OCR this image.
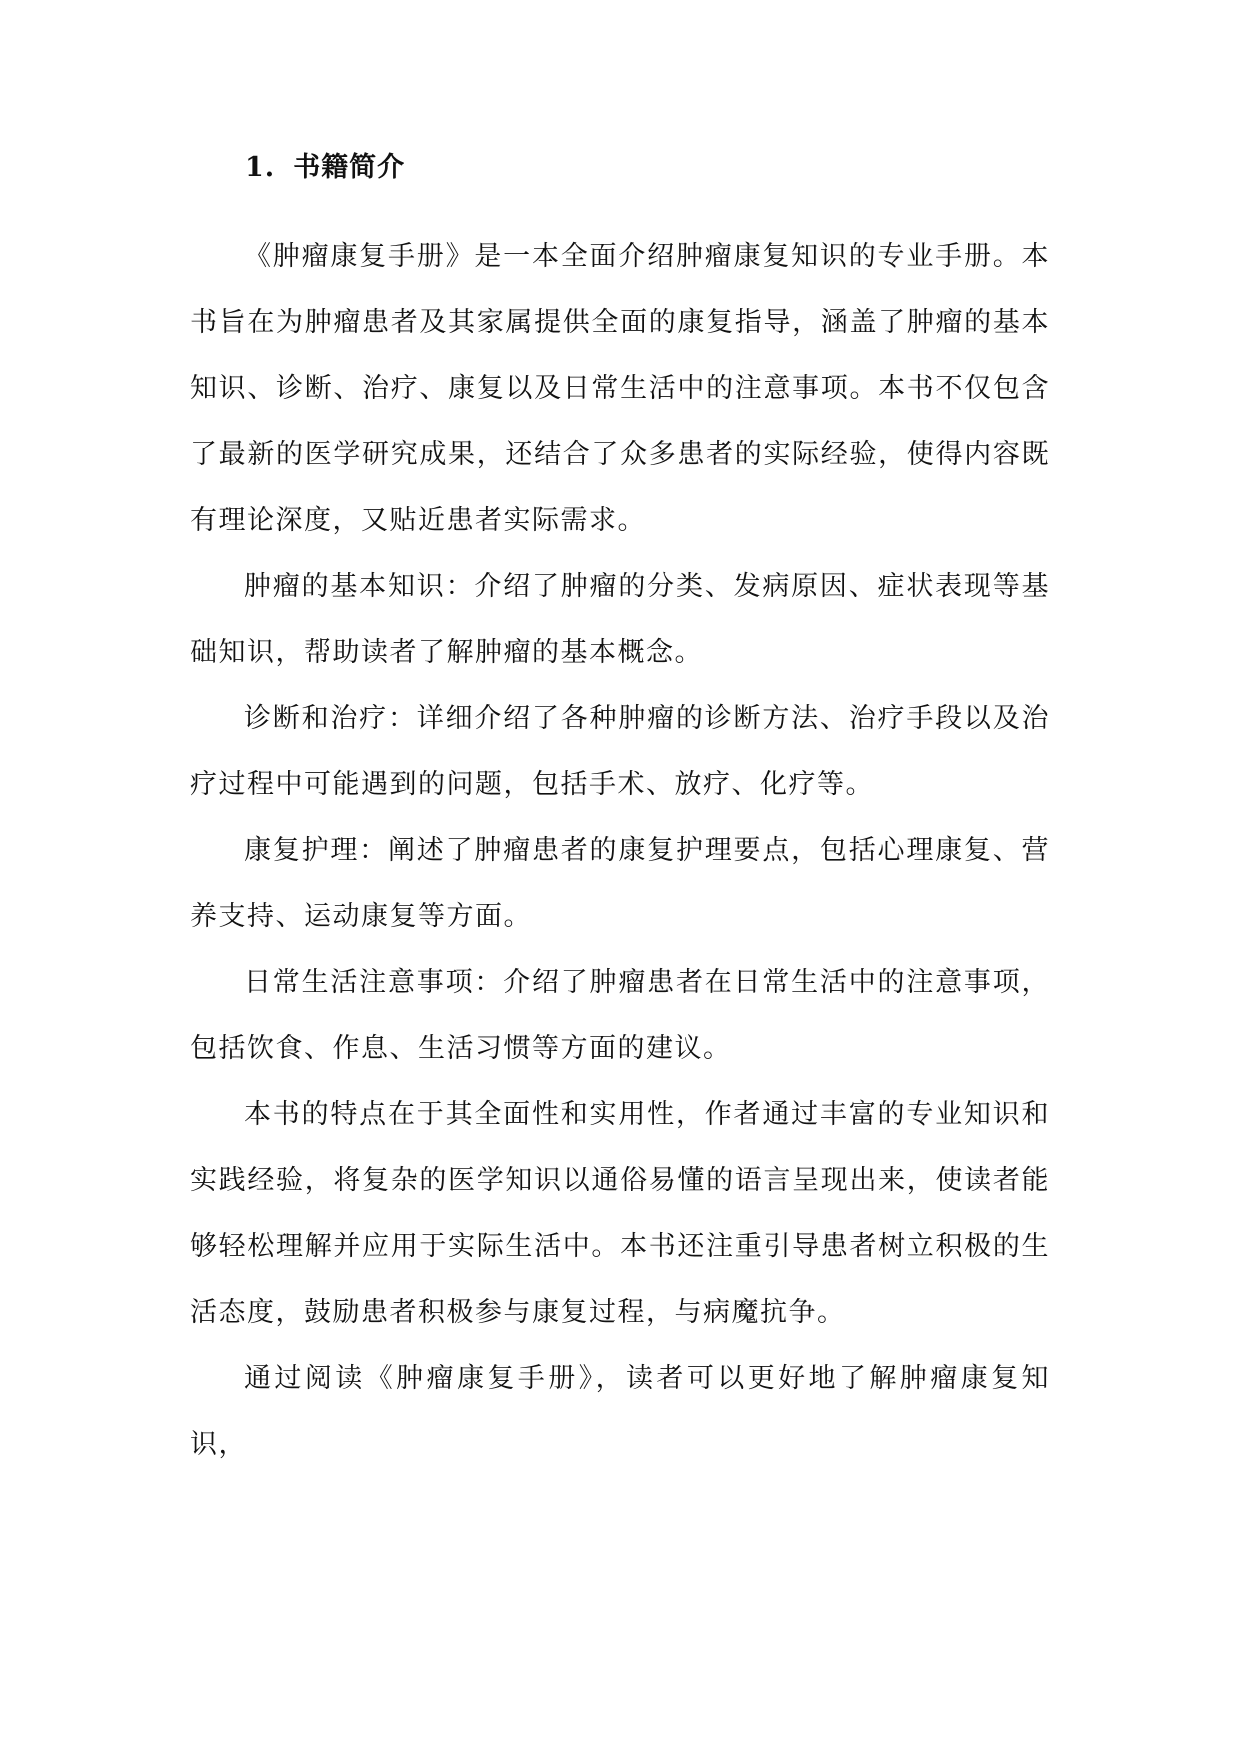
1. 书籍简介

《肿瘤康复手册》是一本全面介绍肿瘤康复知识的专业手册。本书旨在为肿瘤患者及其家属提供全面的康复指导，涵盖了肿瘤的基本知识、诊断、治疗、康复以及日常生活中的注意事项。本书不仅包含了最新的医学研究成果，还结合了众多患者的实际经验，使得内容既有理论深度，又贴近患者实际需求。

肿瘤的基本知识：介绍了肿瘤的分类、发病原因、症状表现等基础知识，帮助读者了解肿瘤的基本概念。

诊断和治疗：详细介绍了各种肿瘤的诊断方法、治疗手段以及治疗过程中可能遇到的问题，包括手术、放疗、化疗等。

康复护理：阐述了肿瘤患者的康复护理要点，包括心理康复、营养支持、运动康复等方面。

日常生活注意事项：介绍了肿瘤患者在日常生活中的注意事项，包括饮食、作息、生活习惯等方面的建议。

本书的特点在于其全面性和实用性，作者通过丰富的专业知识和实践经验，将复杂的医学知识以通俗易懂的语言呈现出来，使读者能够轻松理解并应用于实际生活中。本书还注重引导患者树立积极的生活态度，鼓励患者积极参与康复过程，与病魔抗争。

通过阅读《肿瘤康复手册》，读者可以更好地了解肿瘤康复知识，
